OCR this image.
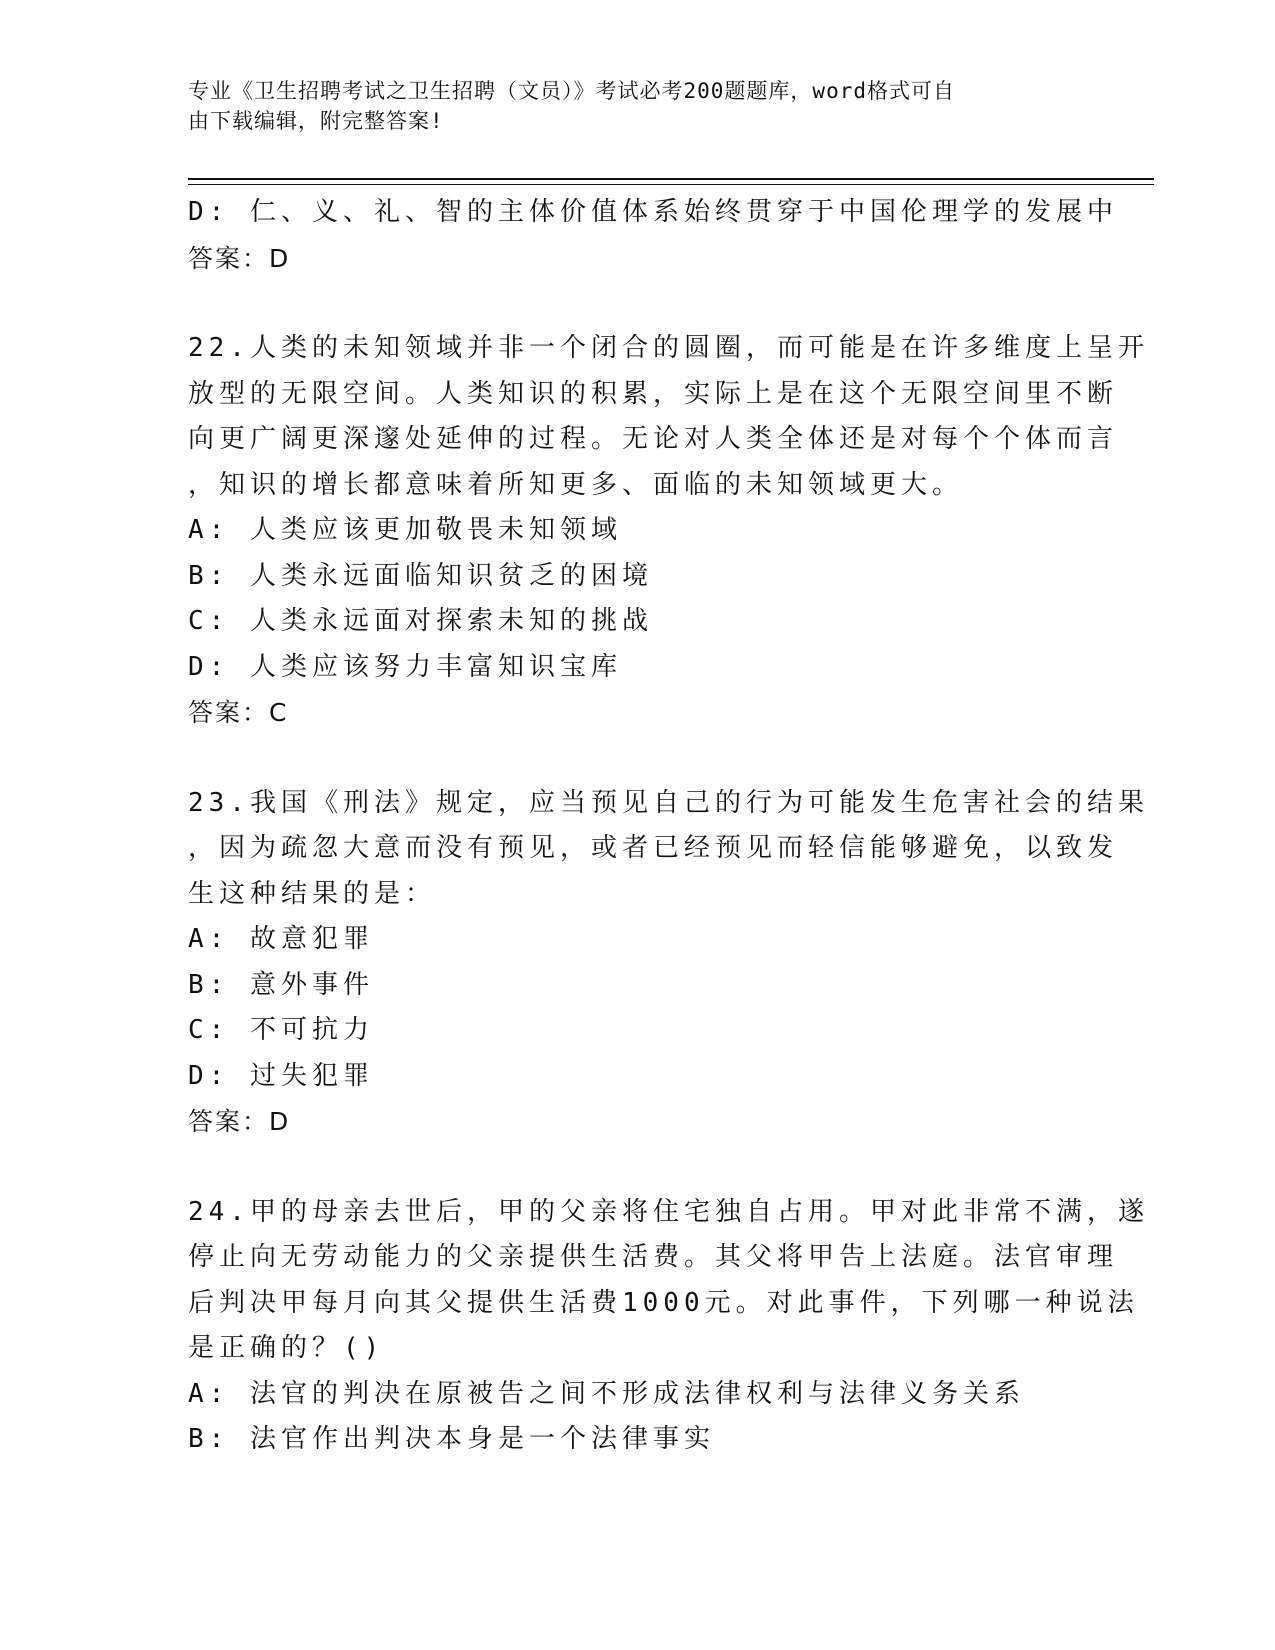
专业《卫生招聘考试之卫生招聘（文员）》考试必考200题题库，word格式可自
由下载编辑，附完整答案!
D: 仁、义、礼、智的主体价值体系始终贯穿于中国伦理学的发展中
答案：D
22.人类的未知领域并非一个闭合的圆圈，而可能是在许多维度上呈开
放型的无限空间。人类知识的积累，实际上是在这个无限空间里不断
向更广阔更深邃处延伸的过程。无论对人类全体还是对每个个体而言
，知识的增长都意味着所知更多、面临的未知领域更大。
A: 人类应该更加敬畏未知领域
B: 人类永远面临知识贫乏的困境
C: 人类永远面对探索未知的挑战
D: 人类应该努力丰富知识宝库
答案：C
23.我国《刑法》规定，应当预见自己的行为可能发生危害社会的结果
，因为疏忽大意而没有预见，或者已经预见而轻信能够避免，以致发
生这种结果的是：
A: 故意犯罪
B: 意外事件
C: 不可抗力
D: 过失犯罪
答案：D
24.甲的母亲去世后，甲的父亲将住宅独自占用。甲对此非常不满，遂
停止向无劳动能力的父亲提供生活费。其父将甲告上法庭。法官审理
后判决甲每月向其父提供生活费1000元。对此事件，下列哪一种说法
是正确的？()
A: 法官的判决在原被告之间不形成法律权利与法律义务关系
B: 法官作出判决本身是一个法律事实
